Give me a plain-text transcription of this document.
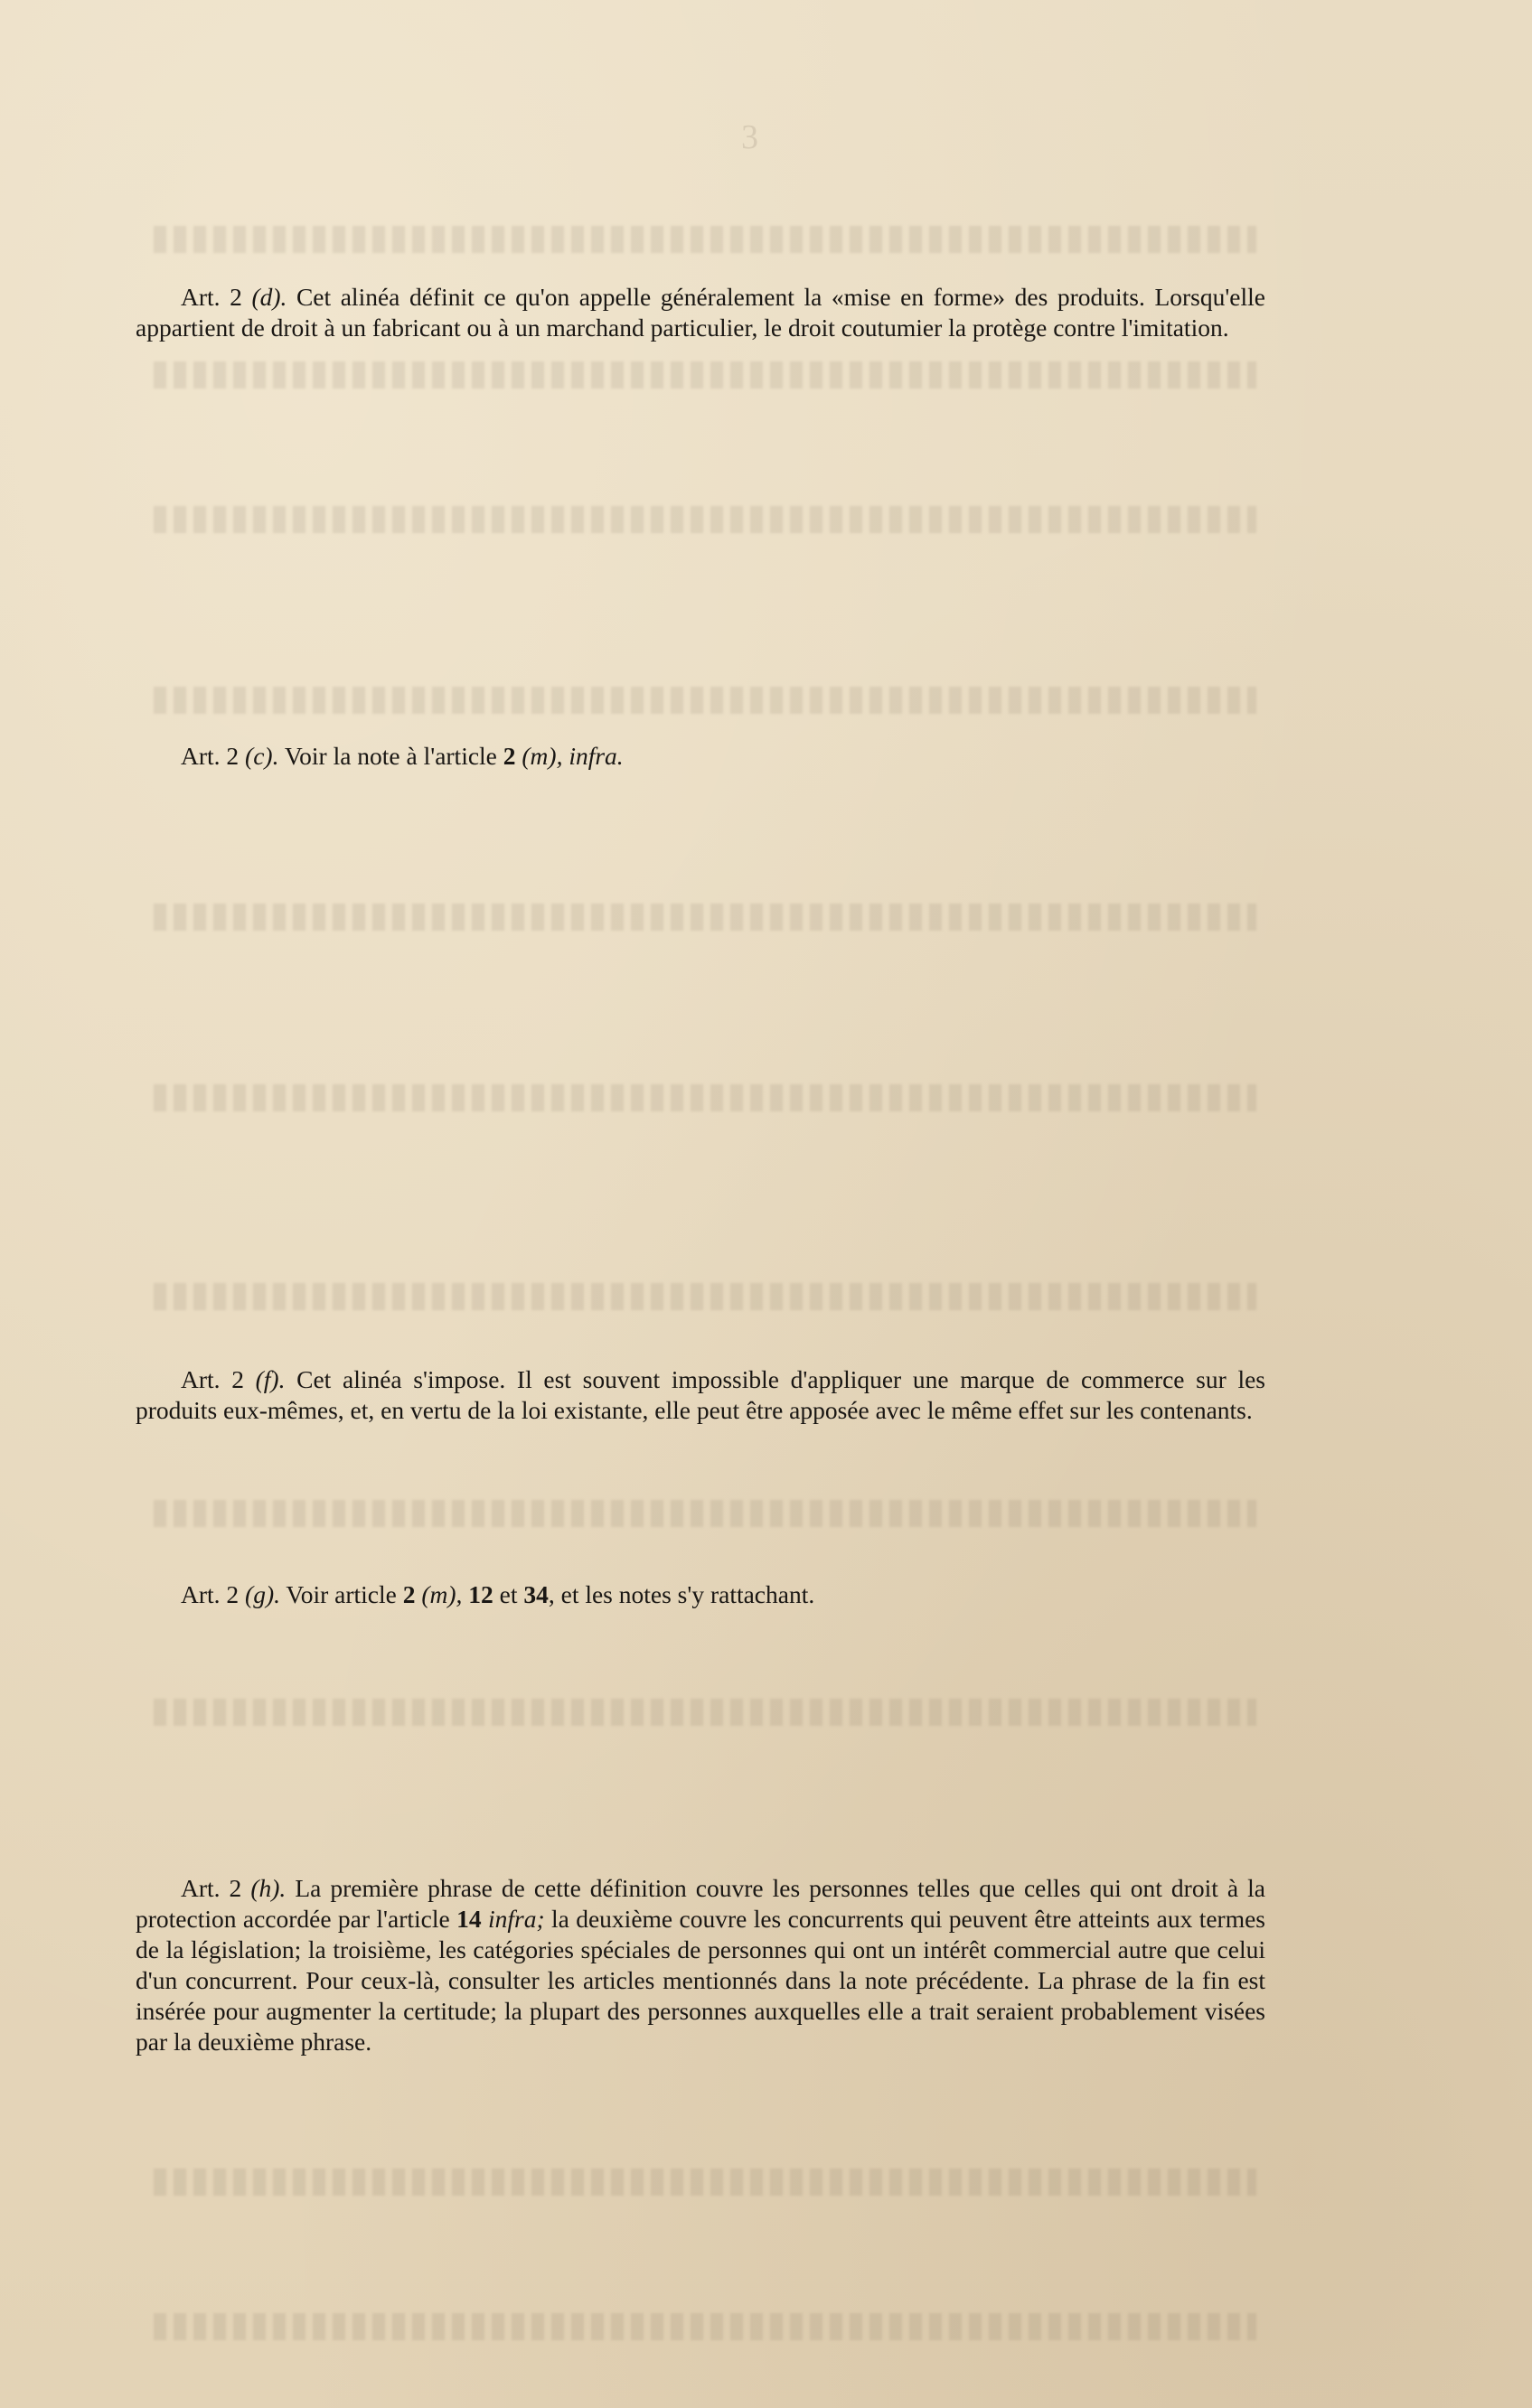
3

Art. 2 (d). Cet alinéa définit ce qu'on appelle généralement la «mise en forme» des produits. Lorsqu'elle appartient de droit à un fabricant ou à un marchand particulier, le droit coutumier la protège contre l'imitation.

Art. 2 (c). Voir la note à l'article 2 (m), infra.

Art. 2 (f). Cet alinéa s'impose. Il est souvent impossible d'appliquer une marque de commerce sur les produits eux-mêmes, et, en vertu de la loi existante, elle peut être apposée avec le même effet sur les contenants.

Art. 2 (g). Voir article 2 (m), 12 et 34, et les notes s'y rattachant.

Art. 2 (h). La première phrase de cette définition couvre les personnes telles que celles qui ont droit à la protection accordée par l'article 14 infra; la deuxième couvre les concurrents qui peuvent être atteints aux termes de la législation; la troisième, les catégories spéciales de personnes qui ont un intérêt commercial autre que celui d'un concurrent. Pour ceux-là, consulter les articles mentionnés dans la note précédente. La phrase de la fin est insérée pour augmenter la certitude; la plupart des personnes auxquelles elle a trait seraient probablement visées par la deuxième phrase.
